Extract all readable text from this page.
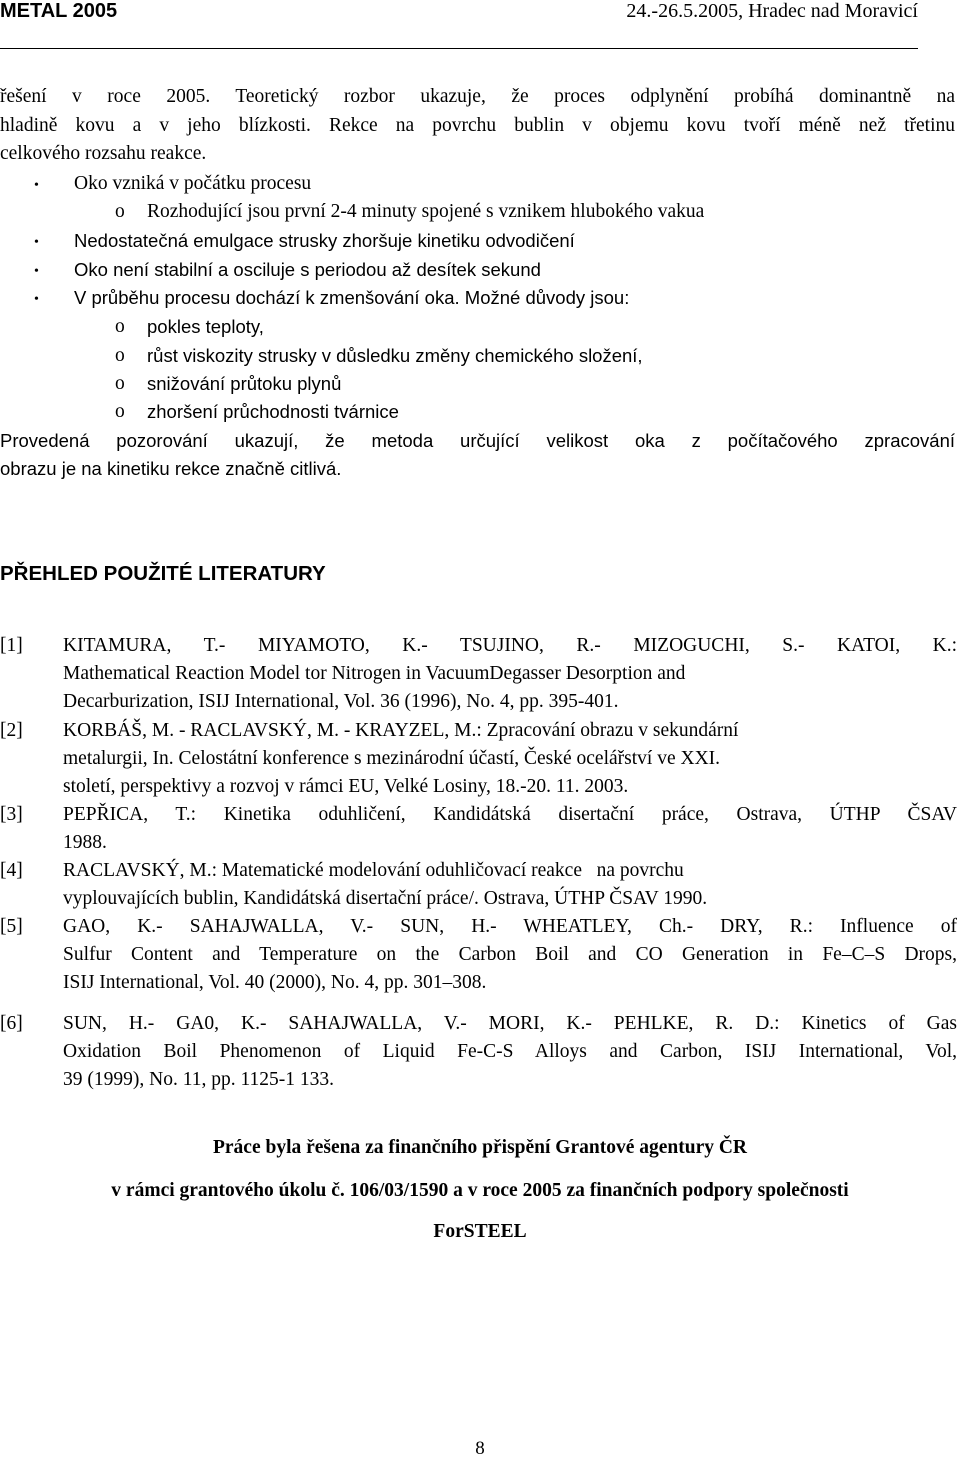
METAL 2005	24.-26.5.2005, Hradec nad Moravicí
řešení v roce 2005. Teoretický rozbor ukazuje, že proces odplynění probíhá dominantně na
hladině kovu a v jeho blízkosti. Rekce na povrchu bublin v objemu kovu tvoří méně než třetinu
celkového rozsahu reakce.
• Oko vzniká v počátku procesu
o Rozhodující jsou první 2-4 minuty spojené s vznikem hlubokého vakua
• Nedostatečná emulgace strusky zhoršuje kinetiku odvodičení
• Oko není stabilní a osciluje s periodou až desítek sekund
• V průběhu procesu dochází k zmenšování oka. Možné důvody jsou:
o pokles teploty,
o růst viskozity strusky v důsledku změny chemického složení,
o snižování průtoku plynů
o zhoršení průchodnosti tvárnice
Provedená pozorování ukazují, že metoda určující velikost oka z počítačového zpracování
obrazu je na kinetiku rekce značně citlivá.
PŘEHLED POUŽITÉ LITERATURY
[1] KITAMURA, T.- MIYAMOTO, K.- TSUJINO, R.- MIZOGUCHI, S.- KATOI, K.:
Mathematical Reaction Model tor Nitrogen in VacuumDegasser Desorption and
Decarburization, ISIJ International, Vol. 36 (1996), No. 4, pp. 395-401.
[2] KORBÁŠ, M. - RACLAVSKÝ, M. - KRAYZEL, M.: Zpracování obrazu v sekundární
metalurgii, In. Celostátní konference s mezinárodní účastí, České ocelářství ve XXI.
století, perspektivy a rozvoj v rámci EU, Velké Losiny, 18.-20. 11. 2003.
[3] PEPŘICA, T.: Kinetika oduhličení, Kandidátská disertační práce, Ostrava, ÚTHP ČSAV
1988.
[4] RACLAVSKÝ, M.: Matematické modelování oduhličovací reakce   na povrchu
vyplouvajících bublin, Kandidátská disertační práce/. Ostrava, ÚTHP ČSAV 1990.
[5] GAO, K.- SAHAJWALLA, V.- SUN, H.- WHEATLEY, Ch.- DRY, R.: Influence of
Sulfur Content and Temperature on the Carbon Boil and CO Generation in Fe–C–S Drops,
ISIJ International, Vol. 40 (2000), No. 4, pp. 301–308.
[6] SUN, H.- GA0, K.- SAHAJWALLA, V.- MORI, K.- PEHLKE, R. D.: Kinetics of Gas
Oxidation Boil Phenomenon of Liquid Fe-C-S Alloys and Carbon, ISIJ International, Vol,
39 (1999), No. 11, pp. 1125-1 133.
Práce byla řešena za finančního přispění Grantové agentury ČR
v rámci grantového úkolu č. 106/03/1590 a v roce 2005 za finančních podpory společnosti
ForSTEEL
8
